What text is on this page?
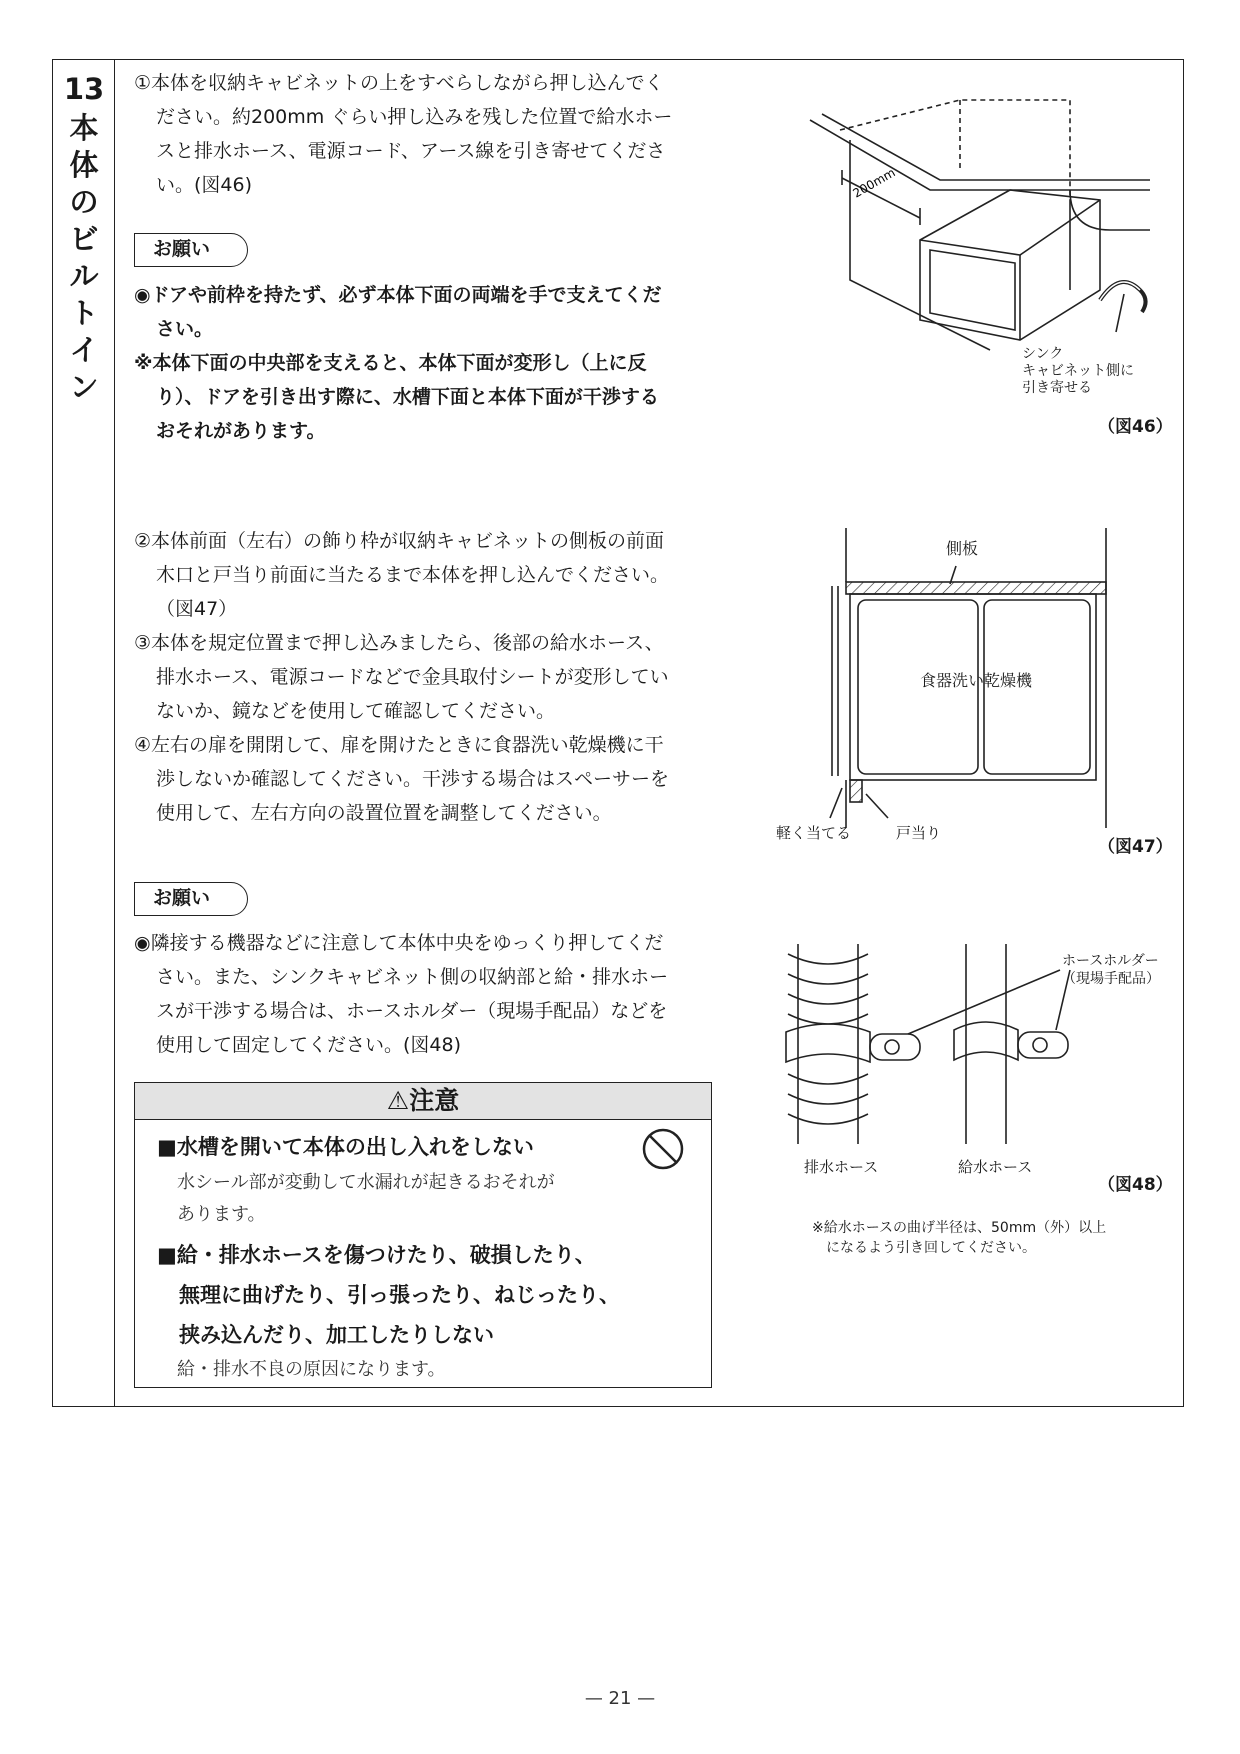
13
本
体
の
ビ
ル
ト
イ
ン
①本体を収納キャビネットの上をすべらしながら押し込んでく
ださい。約200mm ぐらい押し込みを残した位置で給水ホー
スと排水ホース、電源コード、アース線を引き寄せてくださ
い。(図46)
お願い
◉ドアや前枠を持たず、必ず本体下面の両端を手で支えてくだ
さい。
※本体下面の中央部を支えると、本体下面が変形し（上に反
り）、ドアを引き出す際に、水槽下面と本体下面が干渉する
おそれがあります。
②本体前面（左右）の飾り枠が収納キャビネットの側板の前面
木口と戸当り前面に当たるまで本体を押し込んでください。
（図47）
③本体を規定位置まで押し込みましたら、後部の給水ホース、
排水ホース、電源コードなどで金具取付シートが変形してい
ないか、鏡などを使用して確認してください。
④左右の扉を開閉して、扉を開けたときに食器洗い乾燥機に干
渉しないか確認してください。干渉する場合はスペーサーを
使用して、左右方向の設置位置を調整してください。
お願い
◉隣接する機器などに注意して本体中央をゆっくり押してくだ
さい。また、シンクキャビネット側の収納部と給・排水ホー
スが干渉する場合は、ホースホルダー（現場手配品）などを
使用して固定してください。(図48)
⚠注意
■水槽を開いて本体の出し入れをしない
水シール部が変動して水漏れが起きるおそれが
あります。
■給・排水ホースを傷つけたり、破損したり、
無理に曲げたり、引っ張ったり、ねじったり、
挟み込んだり、加工したりしない
給・排水不良の原因になります。
200mm
シンク
キャビネット側に
引き寄せる
（図46）
側板
食器洗い乾燥機
軽く当てる	戸当り
（図47）
ホースホルダー
（現場手配品）
排水ホース	給水ホース
（図48）
※給水ホースの曲げ半径は、50mm（外）以上
になるよう引き回してください。
— 21 —
